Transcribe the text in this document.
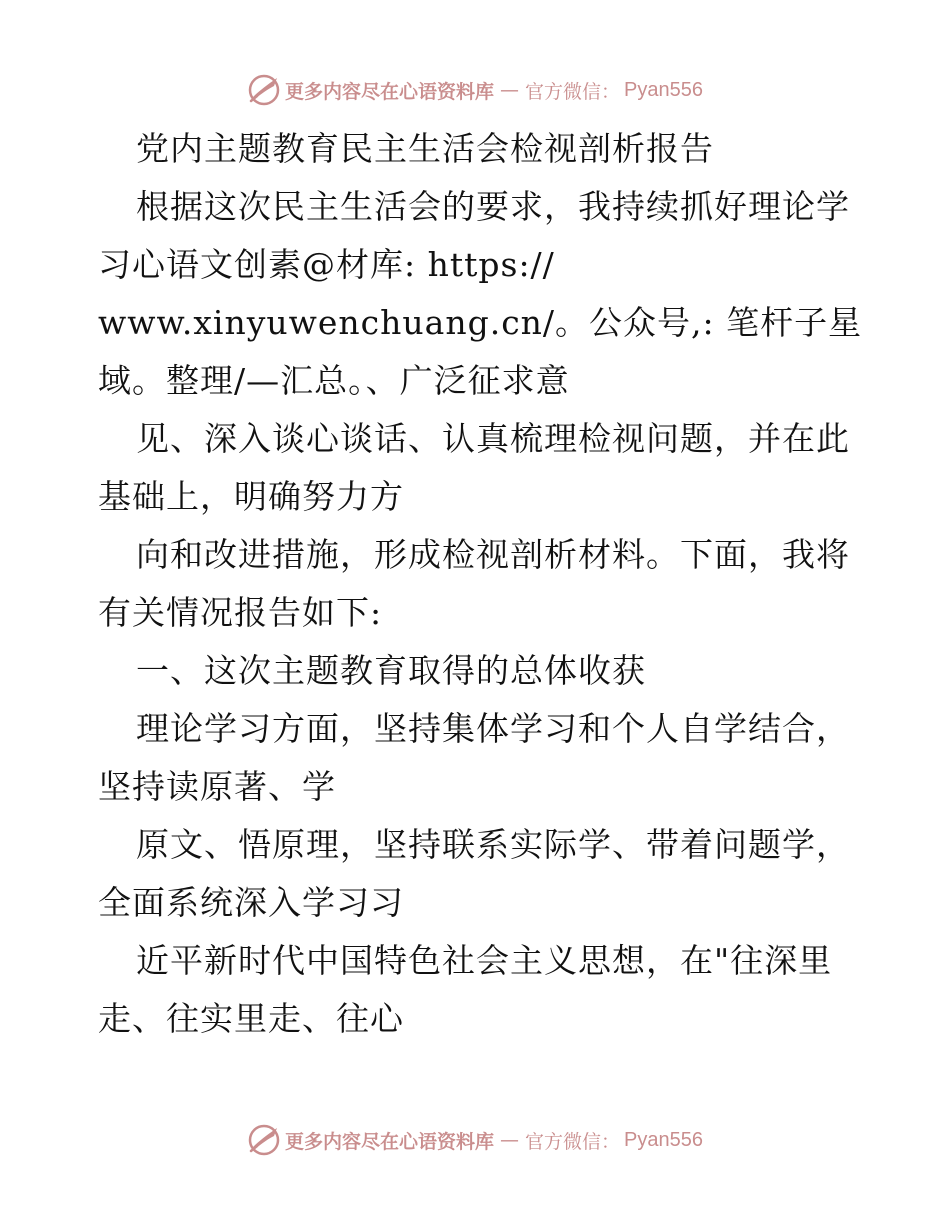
更多内容尽在心语资料库 — 官方微信： Pyan556
党内主题教育民主生活会检视剖析报告
根据这次民主生活会的要求，我持续抓好理论学
习心语文创素@材库: https://
www.xinyuwenchuang.cn/。公众号,: 笔杆子星
域。整理/—汇总。、广泛征求意
见、深入谈心谈话、认真梳理检视问题，并在此
基础上，明确努力方
向和改进措施，形成检视剖析材料。下面，我将
有关情况报告如下:
一、这次主题教育取得的总体收获
理论学习方面，坚持集体学习和个人自学结合，
坚持读原著、学
原文、悟原理，坚持联系实际学、带着问题学，
全面系统深入学习习
近平新时代中国特色社会主义思想，在"往深里
走、往实里走、往心
更多内容尽在心语资料库 — 官方微信： Pyan556
